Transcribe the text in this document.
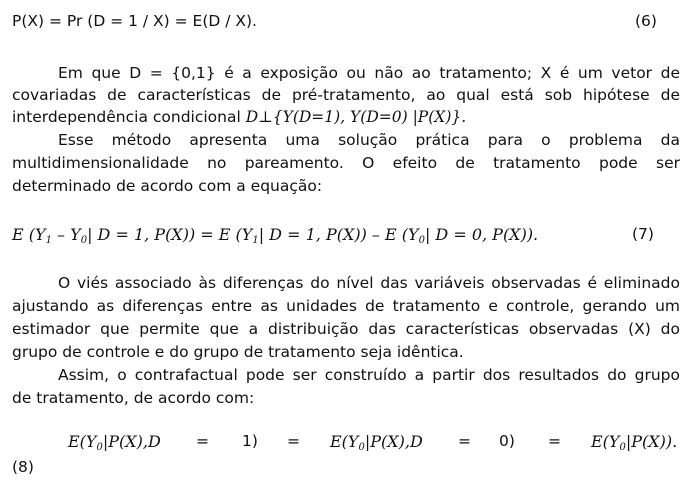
P(X) = Pr (D = 1 / X) = E(D / X).	(6)
Em que D = {0,1} é a exposição ou não ao tratamento; X é um vetor de
covariadas de características de pré-tratamento, ao qual está sob hipótese de
interdependência condicional D⊥{Y(D=1), Y(D=0) |P(X)}.
Esse método apresenta uma solução prática para o problema da
multidimensionalidade no pareamento. O efeito de tratamento pode ser
determinado de acordo com a equação:
E ($Y_1 - Y_0|$ D = 1, P(X)) = E ($Y_1|$ D = 1, P(X)) – E ($Y_0|$ D = 0, P(X)).	(7)
O viés associado às diferenças do nível das variáveis observadas é eliminado
ajustando as diferenças entre as unidades de tratamento e controle, gerando um
estimador que permite que a distribuição das características observadas (X) do
grupo de controle e do grupo de tratamento seja idêntica.
Assim, o contrafactual pode ser construído a partir dos resultados do grupo
de tratamento, de acordo com:
$E(Y_0|P(X),D = 1) = E(Y_0|P(X),D = 0) = E(Y_0|P(X))$.
(8)
